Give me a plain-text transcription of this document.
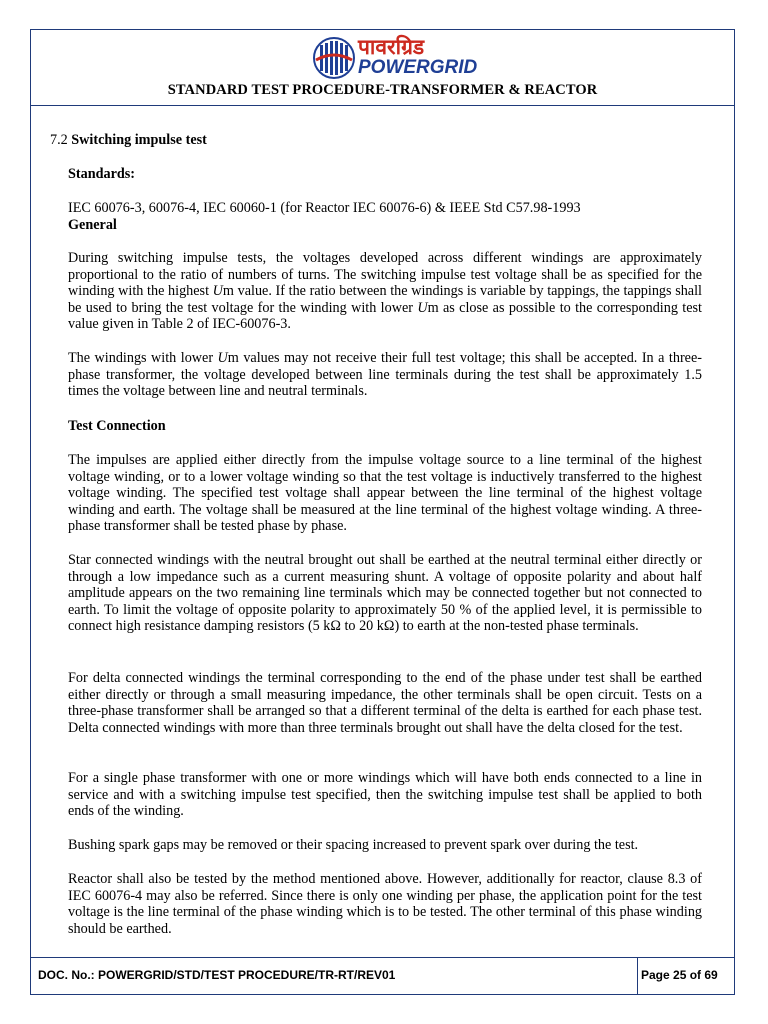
पावरग्रिड
POWERGRID
STANDARD TEST PROCEDURE-TRANSFORMER & REACTOR
7.2 Switching impulse test

Standards:

IEC 60076-3, 60076-4, IEC 60060-1 (for Reactor IEC 60076-6) & IEEE Std C57.98-1993

General

During switching impulse tests, the voltages developed across different windings are approximately proportional to the ratio of numbers of turns. The switching impulse test voltage shall be as specified for the winding with the highest Um value. If the ratio between the windings is variable by tappings, the tappings shall be used to bring the test voltage for the winding with lower Um as close as possible to the corresponding test value given in Table 2 of IEC-60076-3.

The windings with lower Um values may not receive their full test voltage; this shall be accepted. In a three-phase transformer, the voltage developed between line terminals during the test shall be approximately 1.5 times the voltage between line and neutral terminals.

Test Connection

The impulses are applied either directly from the impulse voltage source to a line terminal of the highest voltage winding, or to a lower voltage winding so that the test voltage is inductively transferred to the highest voltage winding. The specified test voltage shall appear between the line terminal of the highest voltage winding and earth. The voltage shall be measured at the line terminal of the highest voltage winding. A three-phase transformer shall be tested phase by phase.

Star connected windings with the neutral brought out shall be earthed at the neutral terminal either directly or through a low impedance such as a current measuring shunt. A voltage of opposite polarity and about half amplitude appears on the two remaining line terminals which may be connected together but not connected to earth. To limit the voltage of opposite polarity to approximately 50 % of the applied level, it is permissible to connect high resistance damping resistors (5 kΩ to 20 kΩ) to earth at the non-tested phase terminals.

For delta connected windings the terminal corresponding to the end of the phase under test shall be earthed either directly or through a small measuring impedance, the other terminals shall be open circuit. Tests on a three-phase transformer shall be arranged so that a different terminal of the delta is earthed for each phase test. Delta connected windings with more than three terminals brought out shall have the delta closed for the test.

For a single phase transformer with one or more windings which will have both ends connected to a line in service and with a switching impulse test specified, then the switching impulse test shall be applied to both ends of the winding.

Bushing spark gaps may be removed or their spacing increased to prevent spark over during the test.

Reactor shall also be tested by the method mentioned above. However, additionally for reactor, clause 8.3 of IEC 60076-4 may also be referred. Since there is only one winding per phase, the application point for the test voltage is the line terminal of the phase winding which is to be tested. The other terminal of this phase winding should be earthed.

DOC. No.: POWERGRID/STD/TEST PROCEDURE/TR-RT/REV01	Page 25 of 69
